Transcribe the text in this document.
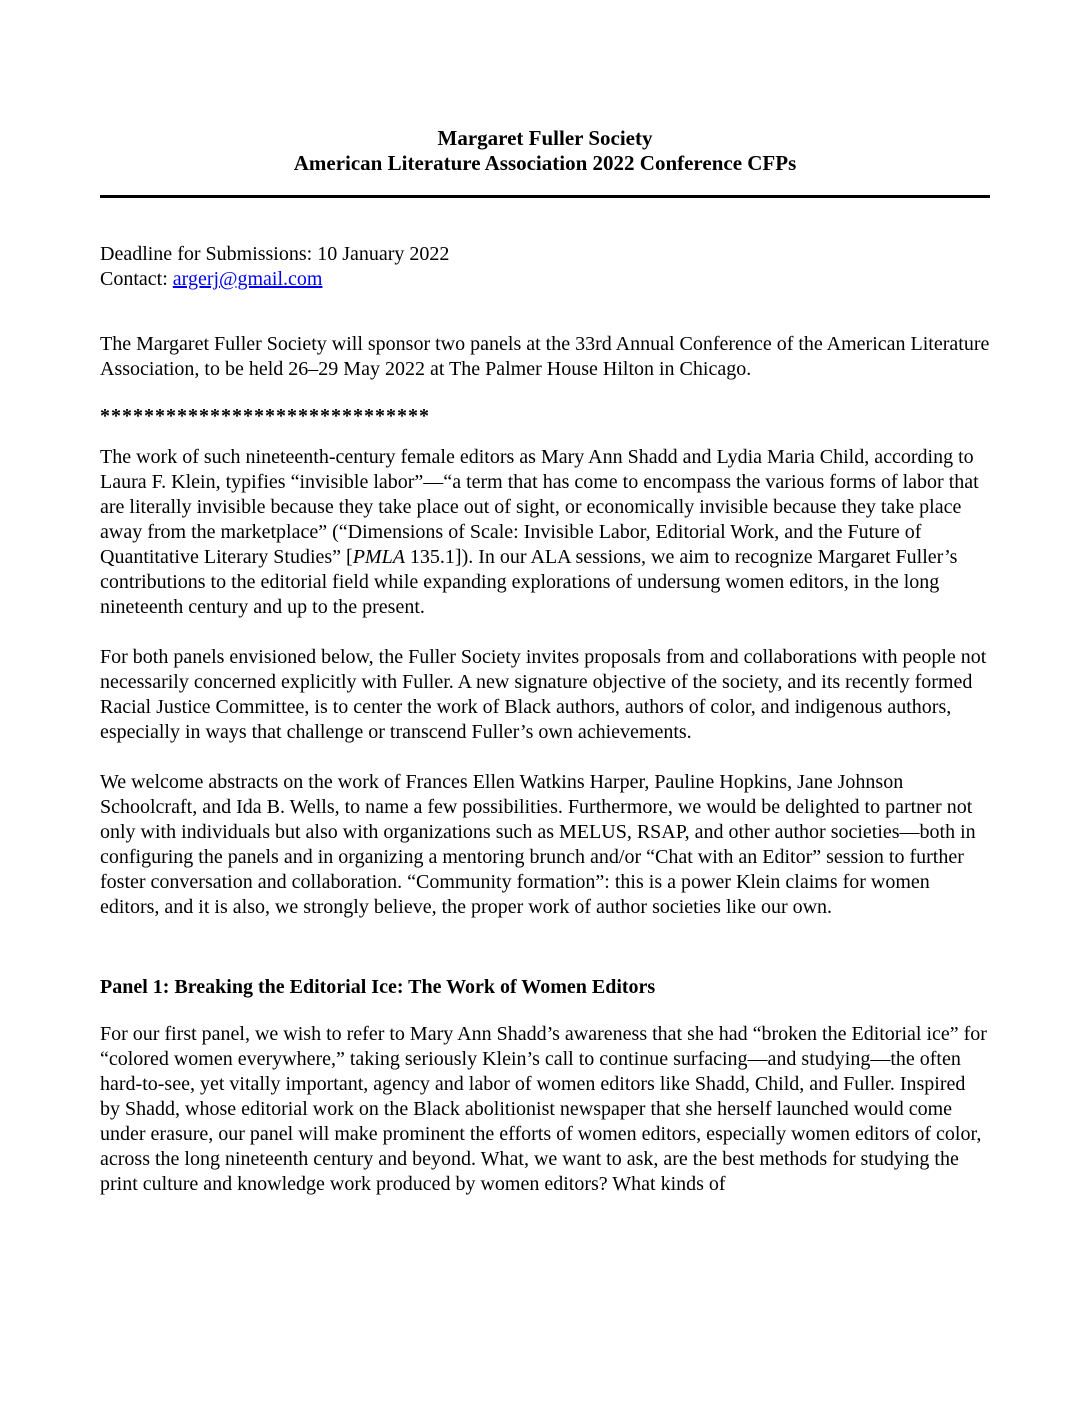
Margaret Fuller Society
American Literature Association 2022 Conference CFPs

Deadline for Submissions: 10 January 2022

Contact: argerj@gmail.com

The Margaret Fuller Society will sponsor two panels at the 33rd Annual Conference of the American Literature Association, to be held 26–29 May 2022 at The Palmer House Hilton in Chicago.

******************************

The work of such nineteenth-century female editors as Mary Ann Shadd and Lydia Maria Child, according to Laura F. Klein, typifies “invisible labor”—“a term that has come to encompass the various forms of labor that are literally invisible because they take place out of sight, or economically invisible because they take place away from the marketplace” (“Dimensions of Scale: Invisible Labor, Editorial Work, and the Future of Quantitative Literary Studies” [PMLA 135.1]). In our ALA sessions, we aim to recognize Margaret Fuller’s contributions to the editorial field while expanding explorations of undersung women editors, in the long nineteenth century and up to the present.

For both panels envisioned below, the Fuller Society invites proposals from and collaborations with people not necessarily concerned explicitly with Fuller. A new signature objective of the society, and its recently formed Racial Justice Committee, is to center the work of Black authors, authors of color, and indigenous authors, especially in ways that challenge or transcend Fuller’s own achievements.

We welcome abstracts on the work of Frances Ellen Watkins Harper, Pauline Hopkins, Jane Johnson Schoolcraft, and Ida B. Wells, to name a few possibilities. Furthermore, we would be delighted to partner not only with individuals but also with organizations such as MELUS, RSAP, and other author societies—both in configuring the panels and in organizing a mentoring brunch and/or “Chat with an Editor” session to further foster conversation and collaboration. “Community formation”: this is a power Klein claims for women editors, and it is also, we strongly believe, the proper work of author societies like our own.

Panel 1: Breaking the Editorial Ice: The Work of Women Editors

For our first panel, we wish to refer to Mary Ann Shadd’s awareness that she had “broken the Editorial ice” for “colored women everywhere,” taking seriously Klein’s call to continue surfacing—and studying—the often hard-to-see, yet vitally important, agency and labor of women editors like Shadd, Child, and Fuller. Inspired by Shadd, whose editorial work on the Black abolitionist newspaper that she herself launched would come under erasure, our panel will make prominent the efforts of women editors, especially women editors of color, across the long nineteenth century and beyond. What, we want to ask, are the best methods for studying the print culture and knowledge work produced by women editors? What kinds of
